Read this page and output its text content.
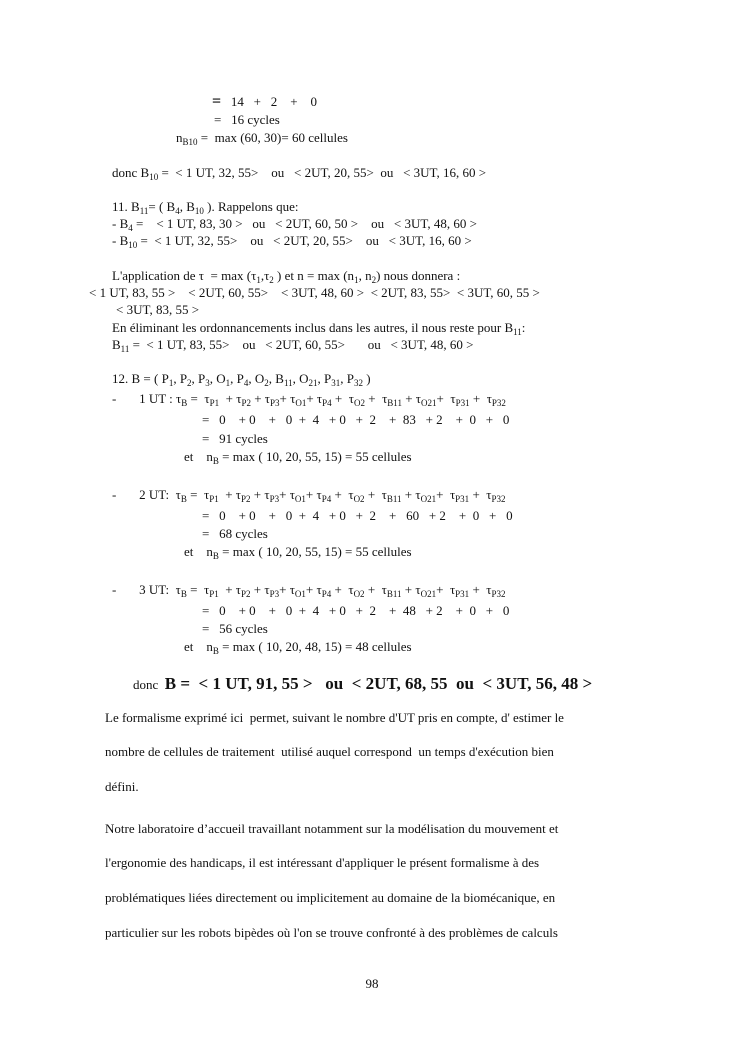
=   14   +   2    +    0
=   16 cycles
$n_{B10} = \max (60$, 30)= 60 cellules
donc $B_{10}$ =  < 1 UT, 32, 55>    ou   < 2UT, 20, 55>  ou   < 3UT, 16, 60 >
11. $B_{11}=$ ( $B_4$, $B_{10}$ ). Rappelons que:
- $B_4$ =    < 1 UT, 83, 30 >   ou   < 2UT, 60, 50 >    ou   < 3UT, 48, 60 >
- $B_{10}$ =  < 1 UT, 32, 55>    ou   < 2UT, 20, 55>    ou   < 3UT, 16, 60 >
L'application de $\tau = \max (\tau_1,\tau_2$ ) et $n = \max (n_1$, $n_2$) nous donnera :
< 1 UT, 83, 55 >    < 2UT, 60, 55>    < 3UT, 48, 60 >  < 2UT, 83, 55>  < 3UT, 60, 55 >
< 3UT, 83, 55 >
En éliminant les ordonnancements inclus dans les autres, il nous reste pour $B_{11}$:
$B_{11}$ =  < 1 UT, 83, 55>    ou   < 2UT, 60, 55>       ou   < 3UT, 48, 60 >
12. B = ( $P_1$, $P_2$, $P_3$, $O_1$, $P_4$, $O_2$, $B_{11}$, $O_{21}$, $P_{31}$, $P_{32}$ )
-       1 UT : $\tau_B = \tau_{P1} + \tau_{P2} + \tau_{P3}+ \tau_{O1}+ \tau_{P4} + \tau_{O2} + \tau_{B11} + \tau_{O21}+ \tau_{P31} + \tau_{P32}$
=   0    + 0    +   0  +  4   + 0   +  2    +  83   + 2    +  0   +   0
=   91 cycles
et    $n_B = \max$ ( 10, 20, 55, 15) = 55 cellules
-       2 UT:  $\tau_B = \tau_{P1} + \tau_{P2} + \tau_{P3}+ \tau_{O1}+ \tau_{P4} + \tau_{O2} + \tau_{B11} + \tau_{O21}+ \tau_{P31} + \tau_{P32}$
=   0    + 0    +   0  +  4   + 0   +  2    +   60   + 2    +  0   +   0
=   68 cycles
et    $n_B = \max$ ( 10, 20, 55, 15) = 55 cellules
-       3 UT:  $\tau_B = \tau_{P1} + \tau_{P2} + \tau_{P3}+ \tau_{O1}+ \tau_{P4} + \tau_{O2} + \tau_{B11} + \tau_{O21}+ \tau_{P31} + \tau_{P32}$
=   0    + 0    +   0  +  4   + 0   +  2    +  48   + 2    +  0   +   0
=   56 cycles
et    $n_B = \max$ ( 10, 20, 48, 15) = 48 cellules
donc  B =  < 1 UT, 91, 55 >   ou  < 2UT, 68, 55  ou  < 3UT, 56, 48 >
Le formalisme exprimé ici  permet, suivant le nombre d'UT pris en compte, d' estimer le
nombre de cellules de traitement  utilisé auquel correspond  un temps d'exécution bien
défini.
Notre laboratoire d’accueil travaillant notamment sur la modélisation du mouvement et
l'ergonomie des handicaps, il est intéressant d'appliquer le présent formalisme à des
problématiques liées directement ou implicitement au domaine de la biomécanique, en
particulier sur les robots bipèdes où l'on se trouve confronté à des problèmes de calculs
98
